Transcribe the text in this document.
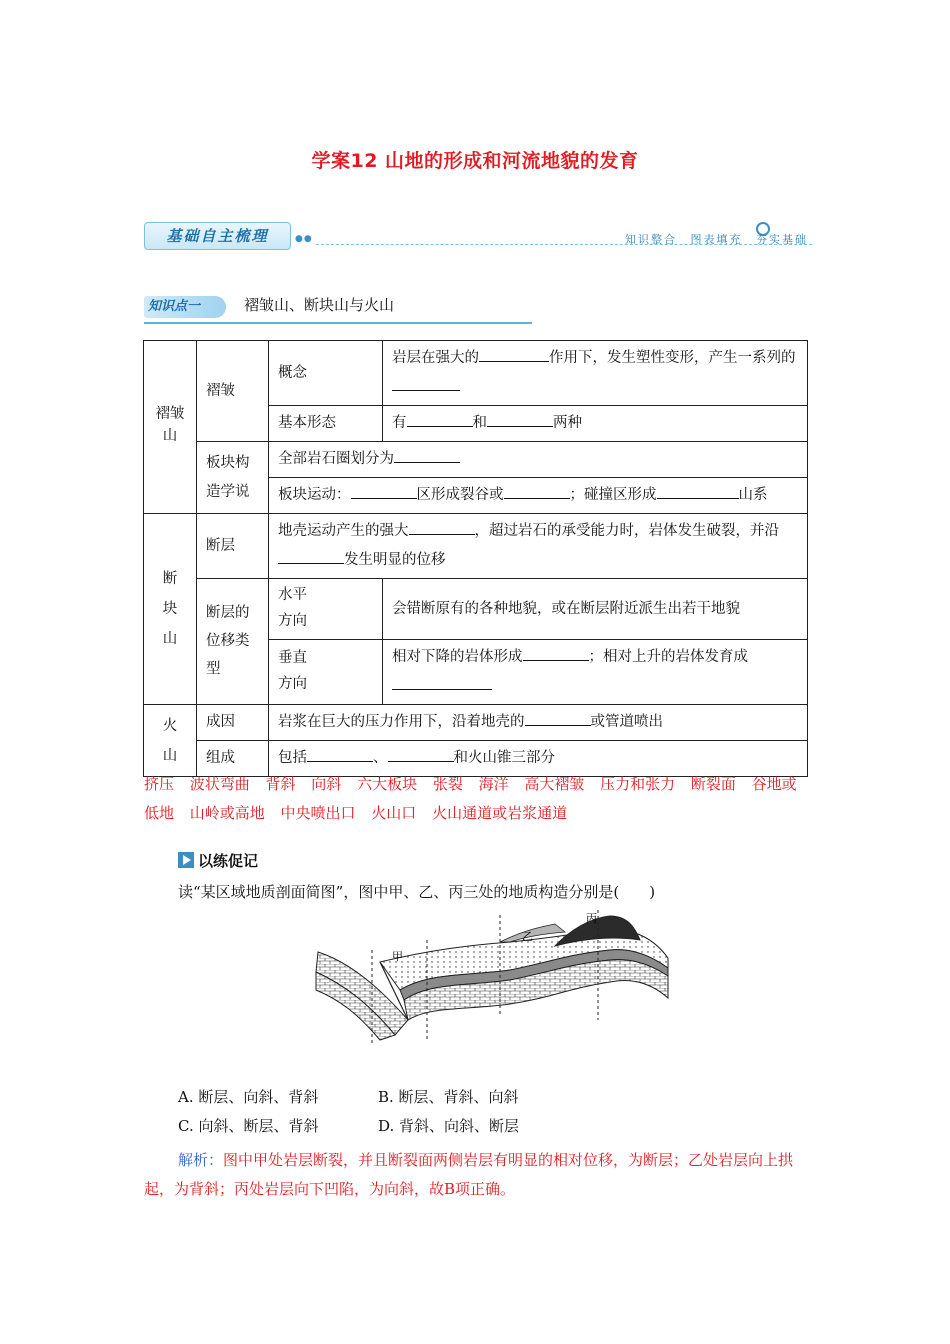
学案12 山地的形成和河流地貌的发育
基础自主梳理	●●	知识整合 图表填充 夯实基础
知识点一	褶皱山、断块山与火山
褶皱山	褶皱	概念	岩层在强大的 作用下，发生塑性变形，产生一系列的
		基本形态	有 和 两种
	板块构造学说	全部岩石圈划分为	
		板块运动： 区形成裂谷或 ；碰撞区形成 山系	
断块山	断层	地壳运动产生的强大 ，超过岩石的承受能力时，岩体发生破裂，并沿发生明显的位移	
	断层的位移类型	水平方向	会错断原有的各种地貌，或在断层附近派生出若干地貌
		垂直方向	相对下降的岩体形成 ；相对上升的岩体发育成

火山	成因	岩浆在巨大的压力作用下，沿着地壳的 或管道喷出	
	组成	包括 、 和火山锥三部分	
挤压 波状弯曲 背斜 向斜 六大板块 张裂 海洋 高大褶皱 压力和张力 断裂面 谷地或低地 山岭或高地 中央喷出口 火山口 火山通道或岩浆通道
以练促记
读“某区域地质剖面简图”，图中甲、乙、丙三处的地质构造分别是(　　)
甲
乙
丙
A. 断层、向斜、背斜	B. 断层、背斜、向斜
C. 向斜、断层、背斜	D. 背斜、向斜、断层
解析：图中甲处岩层断裂，并且断裂面两侧岩层有明显的相对位移，为断层；乙处岩层向上拱起，为背斜；丙处岩层向下凹陷，为向斜，故B项正确。
